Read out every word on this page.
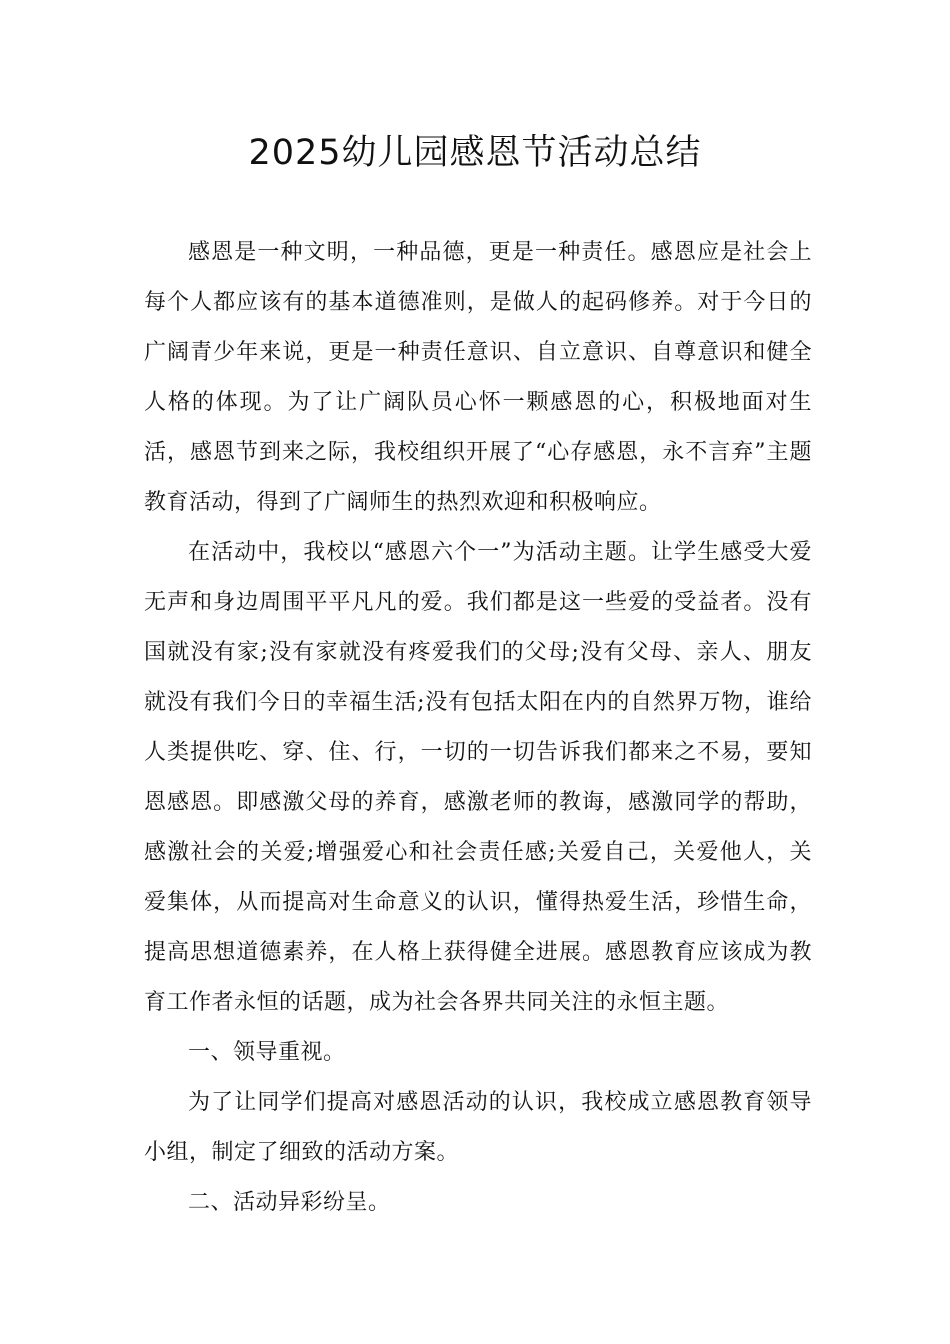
2025幼儿园感恩节活动总结

感恩是一种文明，一种品德，更是一种责任。感恩应是社会上每个人都应该有的基本道德准则，是做人的起码修养。对于今日的广阔青少年来说，更是一种责任意识、自立意识、自尊意识和健全人格的体现。为了让广阔队员心怀一颗感恩的心，积极地面对生活，感恩节到来之际，我校组织开展了“心存感恩，永不言弃”主题教育活动，得到了广阔师生的热烈欢迎和积极响应。

在活动中，我校以“感恩六个一”为活动主题。让学生感受大爱无声和身边周围平平凡凡的爱。我们都是这一些爱的受益者。没有国就没有家;没有家就没有疼爱我们的父母;没有父母、亲人、朋友就没有我们今日的幸福生活;没有包括太阳在内的自然界万物，谁给人类提供吃、穿、住、行，一切的一切告诉我们都来之不易，要知恩感恩。即感激父母的养育，感激老师的教诲，感激同学的帮助，感激社会的关爱;增强爱心和社会责任感;关爱自己，关爱他人，关爱集体，从而提高对生命意义的认识，懂得热爱生活，珍惜生命，提高思想道德素养，在人格上获得健全进展。感恩教育应该成为教育工作者永恒的话题，成为社会各界共同关注的永恒主题。

一、领导重视。

为了让同学们提高对感恩活动的认识，我校成立感恩教育领导小组，制定了细致的活动方案。

二、活动异彩纷呈。
